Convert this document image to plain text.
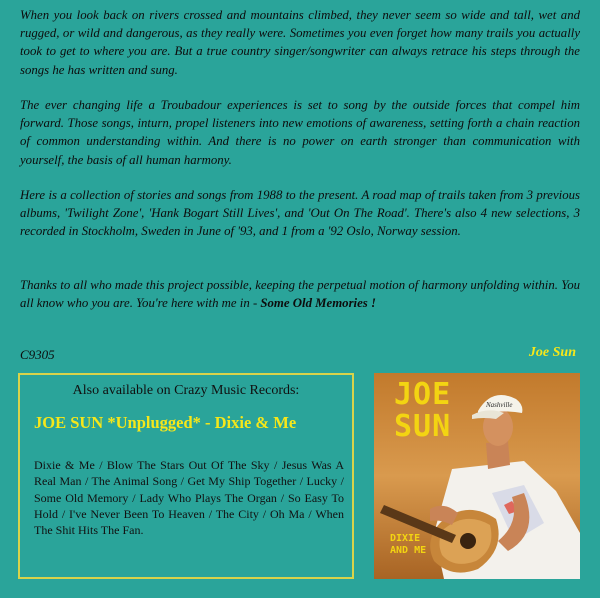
When you look back on rivers crossed and mountains climbed, they never seem so wide and tall, wet and rugged, or wild and dangerous, as they really were. Sometimes you even forget how many trails you actually took to get to where you are. But a true country singer/songwriter can always retrace his steps through the songs he has written and sung.

The ever changing life a Troubadour experiences is set to song by the outside forces that compel him forward. Those songs, inturn, propel listeners into new emotions of awareness, setting forth a chain reaction of common understanding within. And there is no power on earth stronger than communication with yourself, the basis of all human harmony.

Here is a collection of stories and songs from 1988 to the present. A road map of trails taken from 3 previous albums, 'Twilight Zone', 'Hank Bogart Still Lives', and 'Out On The Road'. There's also 4 new selections, 3 recorded in Stockholm, Sweden in June of '93, and 1 from a '92 Oslo, Norway session.

Thanks to all who made this project possible, keeping the perpetual motion of harmony unfolding within. You all know who you are. You're here with me in - Some Old Memories !

C9305	Joe Sun
Also available on Crazy Music Records:
JOE SUN *Unplugged* - Dixie & Me
Dixie & Me / Blow The Stars Out Of The Sky / Jesus Was A Real Man / The Animal Song / Get My Ship Together / Lucky / Some Old Memory / Lady Who Plays The Organ / So Easy To Hold / I've Never Been To Heaven / The City / Oh Ma / When The Shit Hits The Fan.
Nashville
JOE
SUN
DIXIE
AND ME
